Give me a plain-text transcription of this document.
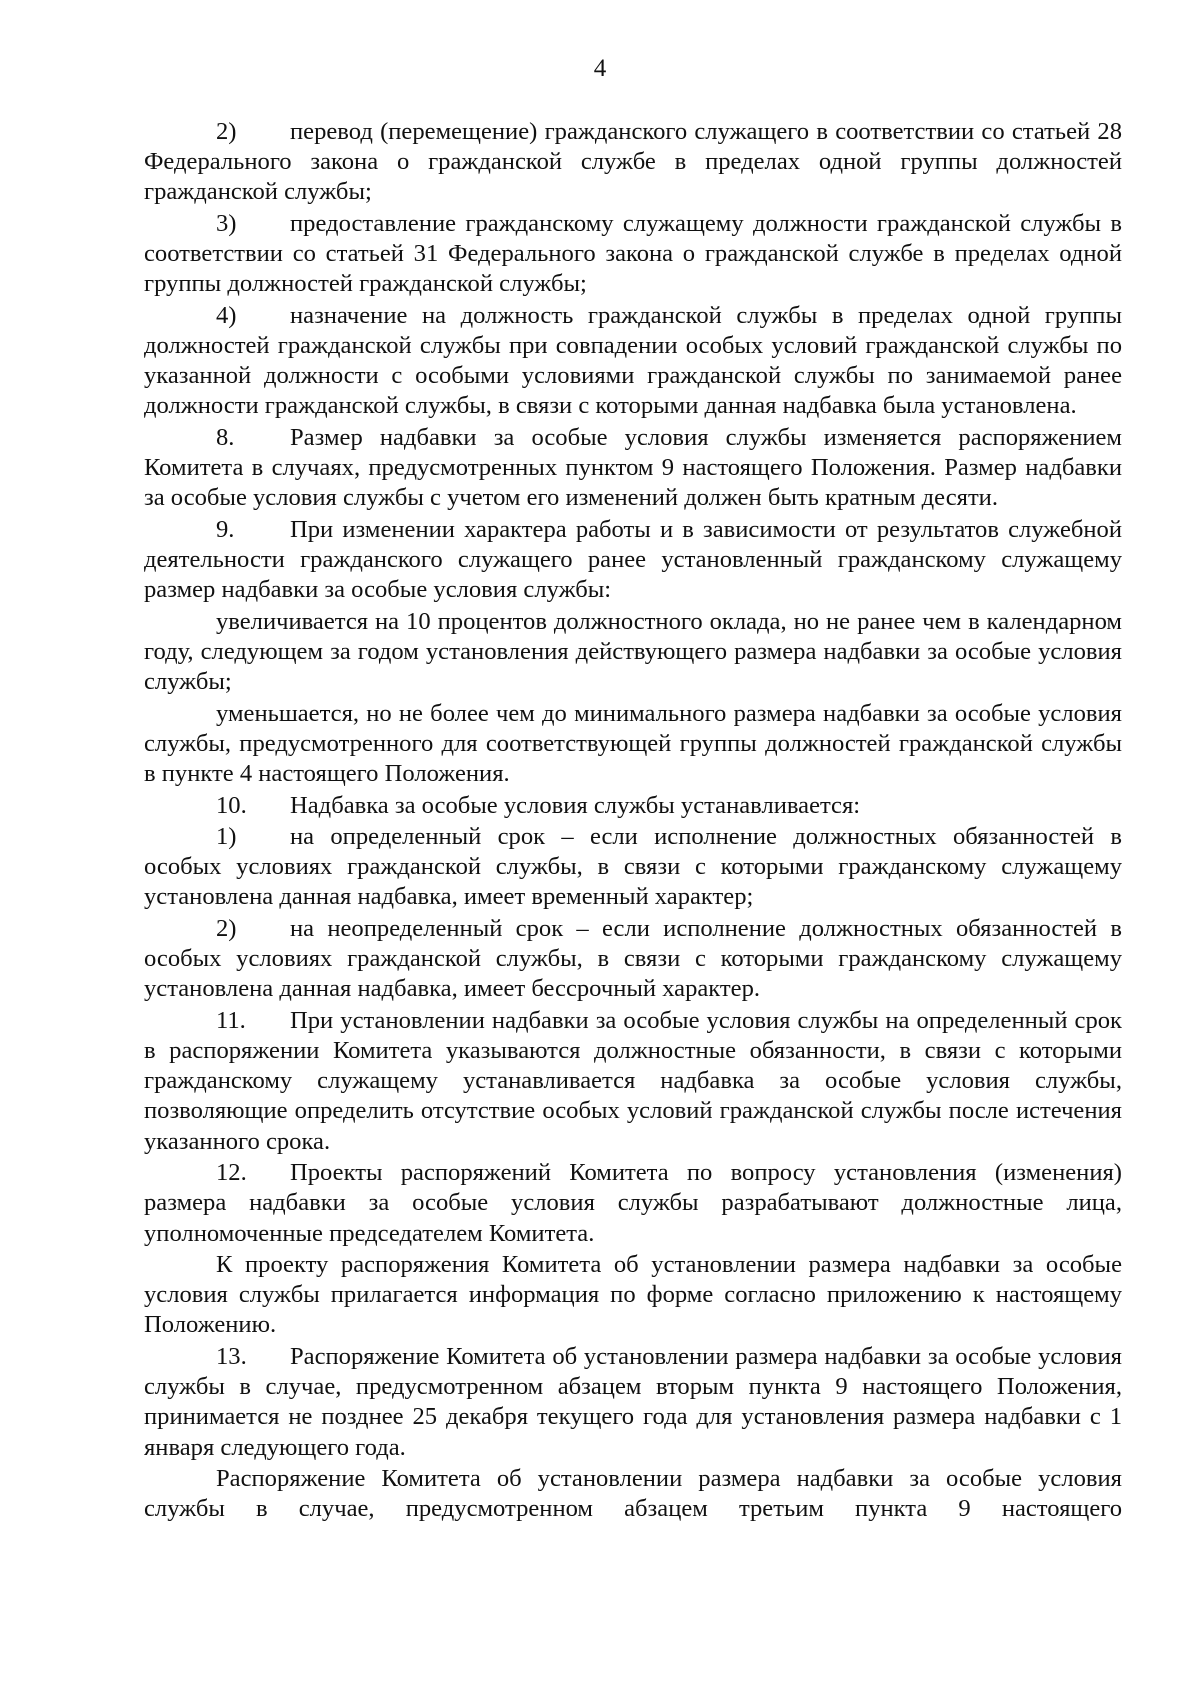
4

2) перевод (перемещение) гражданского служащего в соответствии со статьей 28 Федерального закона о гражданской службе в пределах одной группы должностей гражданской службы;

3) предоставление гражданскому служащему должности гражданской службы в соответствии со статьей 31 Федерального закона о гражданской службе в пределах одной группы должностей гражданской службы;

4) назначение на должность гражданской службы в пределах одной группы должностей гражданской службы при совпадении особых условий гражданской службы по указанной должности с особыми условиями гражданской службы по занимаемой ранее должности гражданской службы, в связи с которыми данная надбавка была установлена.

8. Размер надбавки за особые условия службы изменяется распоряжением Комитета в случаях, предусмотренных пунктом 9 настоящего Положения. Размер надбавки за особые условия службы с учетом его изменений должен быть кратным десяти.

9. При изменении характера работы и в зависимости от результатов служебной деятельности гражданского служащего ранее установленный гражданскому служащему размер надбавки за особые условия службы:

увеличивается на 10 процентов должностного оклада, но не ранее чем в календарном году, следующем за годом установления действующего размера надбавки за особые условия службы;

уменьшается, но не более чем до минимального размера надбавки за особые условия службы, предусмотренного для соответствующей группы должностей гражданской службы в пункте 4 настоящего Положения.

10. Надбавка за особые условия службы устанавливается:

1) на определенный срок – если исполнение должностных обязанностей в особых условиях гражданской службы, в связи с которыми гражданскому служащему установлена данная надбавка, имеет временный характер;

2) на неопределенный срок – если исполнение должностных обязанностей в особых условиях гражданской службы, в связи с которыми гражданскому служащему установлена данная надбавка, имеет бессрочный характер.

11. При установлении надбавки за особые условия службы на определенный срок в распоряжении Комитета указываются должностные обязанности, в связи с которыми гражданскому служащему устанавливается надбавка за особые условия службы, позволяющие определить отсутствие особых условий гражданской службы после истечения указанного срока.

12. Проекты распоряжений Комитета по вопросу установления (изменения) размера надбавки за особые условия службы разрабатывают должностные лица, уполномоченные председателем Комитета.

К проекту распоряжения Комитета об установлении размера надбавки за особые условия службы прилагается информация по форме согласно приложению к настоящему Положению.

13. Распоряжение Комитета об установлении размера надбавки за особые условия службы в случае, предусмотренном абзацем вторым пункта 9 настоящего Положения, принимается не позднее 25 декабря текущего года для установления размера надбавки с 1 января следующего года.

Распоряжение Комитета об установлении размера надбавки за особые условия службы в случае, предусмотренном абзацем третьим пункта 9 настоящего
